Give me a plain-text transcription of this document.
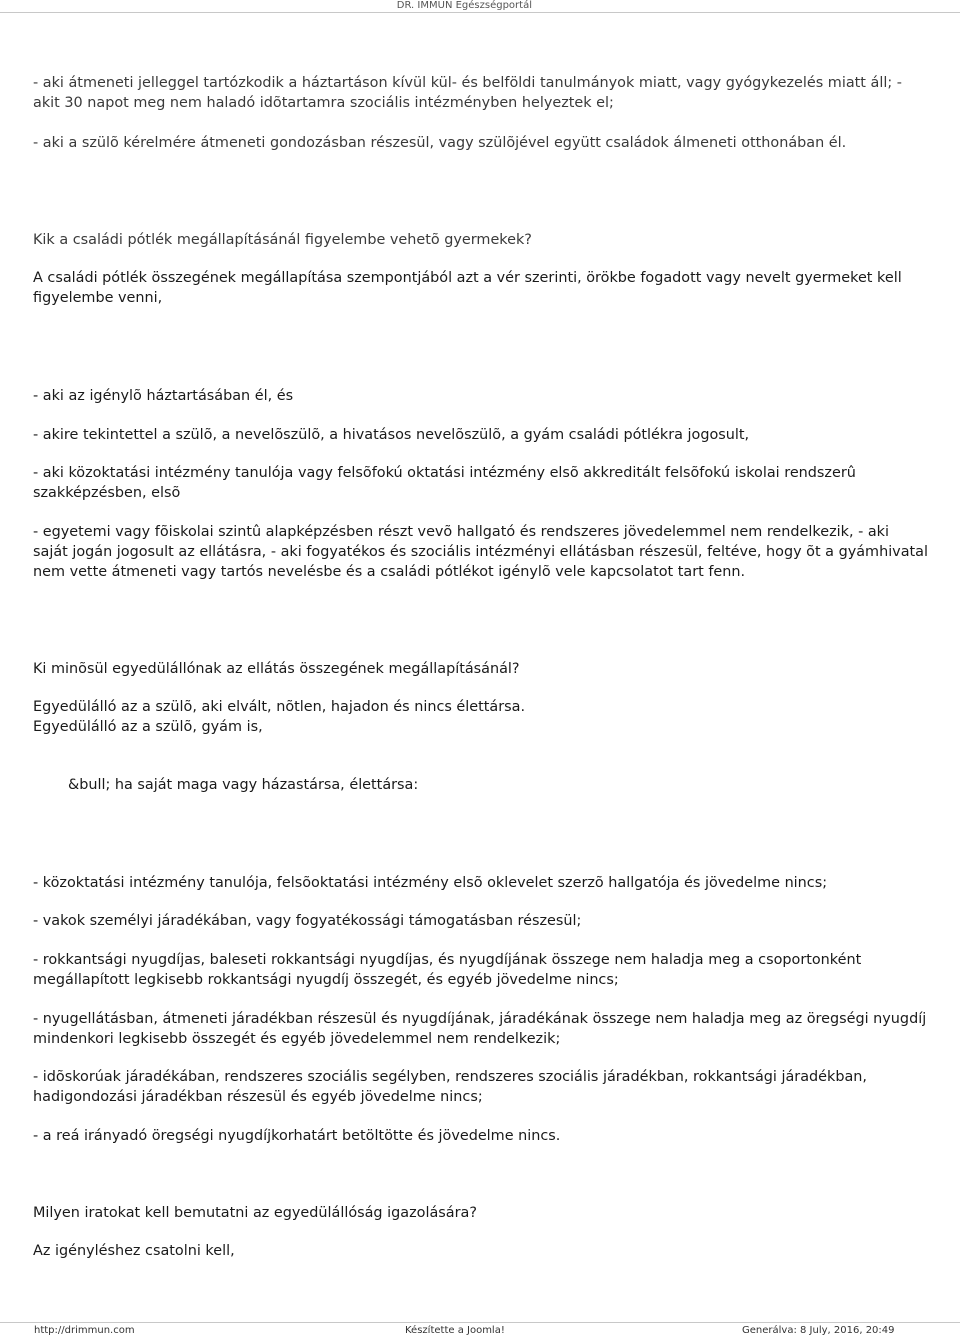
DR. IMMUN Egészségportál

- aki átmeneti jelleggel tartózkodik a háztartáson kívül kül- és belföldi tanulmányok miatt, vagy gyógykezelés miatt áll; - akit 30 napot meg nem haladó idõtartamra szociális intézményben helyeztek el;

- aki a szülõ kérelmére átmeneti gondozásban részesül, vagy szülõjével együtt családok álmeneti otthonában él.

Kik a családi pótlék megállapításánál figyelembe vehetõ gyermekek?

A családi pótlék összegének megállapítása szempontjából azt a vér szerinti, örökbe fogadott vagy nevelt gyermeket kell figyelembe venni,

- aki az igénylõ háztartásában él, és

- akire tekintettel a szülõ, a nevelõszülõ, a hivatásos nevelõszülõ, a gyám családi pótlékra jogosult,

- aki közoktatási intézmény tanulója vagy felsõfokú oktatási intézmény elsõ akkreditált felsõfokú iskolai rendszerû szakképzésben, elsõ

- egyetemi vagy fõiskolai szintû alapképzésben részt vevõ hallgató és rendszeres jövedelemmel nem rendelkezik, - aki saját jogán jogosult az ellátásra, - aki fogyatékos és szociális intézményi ellátásban részesül, feltéve, hogy õt a gyámhivatal nem vette átmeneti vagy tartós nevelésbe és a családi pótlékot igénylõ vele kapcsolatot tart fenn.

Ki minõsül egyedülállónak az ellátás összegének megállapításánál?

Egyedülálló az a szülõ, aki elvált, nõtlen, hajadon és nincs élettársa.

Egyedülálló az a szülõ, gyám is,

&bull; ha saját maga vagy házastársa, élettársa:

- közoktatási intézmény tanulója, felsõoktatási intézmény elsõ oklevelet szerzõ hallgatója és jövedelme nincs;

- vakok személyi járadékában, vagy fogyatékossági támogatásban részesül;

- rokkantsági nyugdíjas, baleseti rokkantsági nyugdíjas, és nyugdíjának összege nem haladja meg a csoportonként megállapított legkisebb rokkantsági nyugdíj összegét, és egyéb jövedelme nincs;

- nyugellátásban, átmeneti járadékban részesül és nyugdíjának, járadékának összege nem haladja meg az öregségi nyugdíj mindenkori legkisebb összegét és egyéb jövedelemmel nem rendelkezik;

- idõskorúak járadékában, rendszeres szociális segélyben, rendszeres szociális járadékban, rokkantsági járadékban, hadigondozási járadékban részesül és egyéb jövedelme nincs;

- a reá irányadó öregségi nyugdíjkorhatárt betöltötte és jövedelme nincs.

Milyen iratokat kell bemutatni az egyedülállóság igazolására?

Az igényléshez csatolni kell,

http://drimmun.com	Készítette a Joomla!	Generálva: 8 July, 2016, 20:49
